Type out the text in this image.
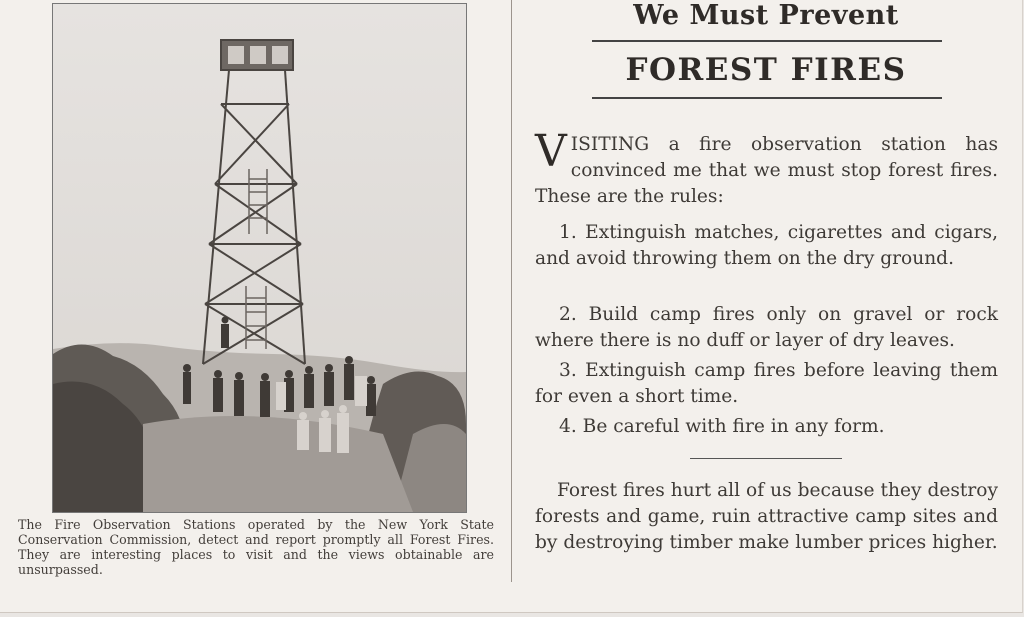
The Fire Observation Stations operated by the New York State Conservation Commission, detect and report promptly all Forest Fires. They are interesting places to visit and the views obtainable are unsurpassed.
We Must Prevent
FOREST FIRES
VISITING a fire observation station has convinced me that we must stop forest fires. These are the rules:
1. Extinguish matches, cigarettes and cigars, and avoid throwing them on the dry ground.
2. Build camp fires only on gravel or rock where there is no duff or layer of dry leaves.
3. Extinguish camp fires before leaving them for even a short time.
4. Be careful with fire in any form.
Forest fires hurt all of us because they destroy forests and game, ruin attractive camp sites and by destroying timber make lumber prices higher.
